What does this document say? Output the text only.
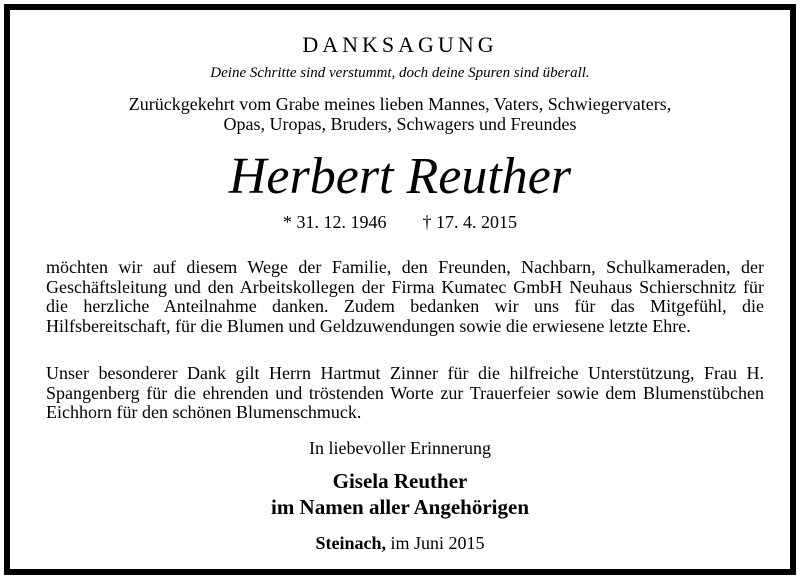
DANKSAGUNG
Deine Schritte sind verstummt, doch deine Spuren sind überall.
Zurückgekehrt vom Grabe meines lieben Mannes, Vaters, Schwiegervaters,
Opas, Uropas, Bruders, Schwagers und Freundes
Herbert Reuther
* 31. 12. 1946 † 17. 4. 2015
möchten wir auf diesem Wege der Familie, den Freunden, Nachbarn, Schulkameraden, der Geschäftsleitung und den Arbeitskollegen der Firma Kumatec GmbH Neuhaus Schierschnitz für die herzliche Anteilnahme danken. Zudem bedanken wir uns für das Mitgefühl, die Hilfsbereitschaft, für die Blumen und Geldzuwendungen sowie die erwiesene letzte Ehre.
Unser besonderer Dank gilt Herrn Hartmut Zinner für die hilfreiche Unterstützung, Frau H. Spangenberg für die ehrenden und tröstenden Worte zur Trauerfeier sowie dem Blumenstübchen Eichhorn für den schönen Blumenschmuck.
In liebevoller Erinnerung
Gisela Reuther
im Namen aller Angehörigen
Steinach, im Juni 2015
